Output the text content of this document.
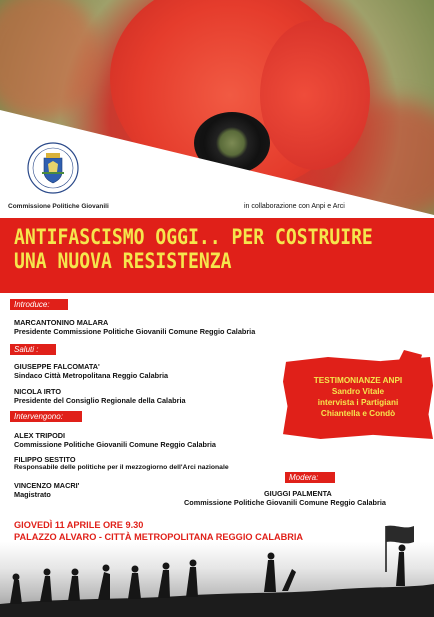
Commissione Politiche Giovanili	in collaborazione con Anpi e Arci
ANTIFASCISMO OGGI.. PER COSTRUIRE
UNA NUOVA RESISTENZA
Introduce:
MARCANTONINO MALARA
Presidente Commissione Politiche Giovanili Comune Reggio Calabria
Saluti :
GIUSEPPE FALCOMATA'
Sindaco Città Metropolitana Reggio Calabria
NICOLA IRTO
Presidente del Consiglio Regionale della Calabria
Intervengono:
ALEX TRIPODI
Commissione Politiche Giovanili Comune Reggio Calabria
FILIPPO SESTITO
Responsabile delle politiche per il mezzogiorno dell'Arci nazionale
VINCENZO MACRI'
Magistrato
Modera:
GIUGGI PALMENTA
Commissione Politiche Giovanili Comune Reggio Calabria
TESTIMONIANZE ANPI
Sandro Vitale
intervista i Partigiani
Chiantella e Condò
GIOVEDÌ 11 APRILE ORE 9.30
PALAZZO ALVARO - CITTÀ METROPOLITANA REGGIO CALABRIA
